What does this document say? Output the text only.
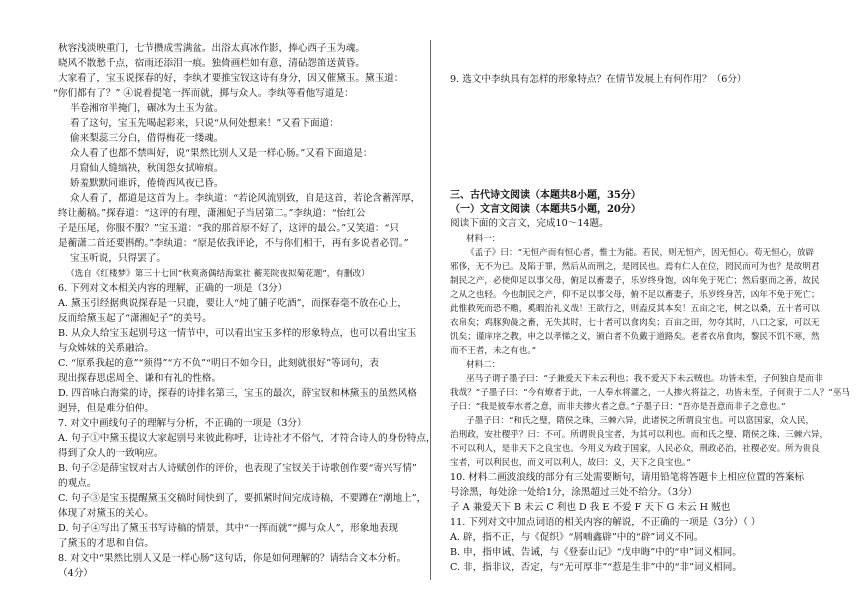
秋容浅淡映重门，七节攒成雪满盆。出浴太真冰作影，捧心西子玉为魂。
晓风不散愁千点，宿雨还添泪一痕。独倚画栏如有意，清砧怨笛送黄昏。
大家看了，宝玉说探春的好，李纨才要推宝钗这诗有身分，因又催黛玉。黛玉道：
“你们都有了？” ④说着提笔一挥而就，掷与众人。李纨等看他写道是：
半卷湘帘半掩门，碾冰为土玉为盆。
看了这句，宝玉先喝起彩来，只说“从何处想来！”又看下面道：
偷来梨蕊三分白，借得梅花一缕魂。
众人看了也都不禁叫好，说“果然比别人又是一样心肠。”又看下面道是：
月窟仙人缝缟袂，秋闺怨女拭啼痕。
娇羞默默同谁诉，倦倚西风夜已昏。
众人看了，都道是这首为上。李纨道：“若论风流别致，自是这首，若论含蓄浑厚，
终让蘅稿。”探春道：“这评的有理，潇湘妃子当居第二。”李纨道：“怡红公
子是压尾，你服不服？”宝玉道：“我的那首原不好了，这评的最公。”又笑道：“只
是蘅潇二首还要斟酌。”李纨道：“原是依我评论，不与你们相干，再有多说者必罚。”
宝玉听说，只得罢了。
（选自《红楼梦》第三十七回“秋爽斋偶结海棠社 蘅芜院夜拟菊花题”，有删改）
6. 下列对文本相关内容的理解，正确的一项是（3分）
A. 黛玉引经据典说探春是一只鹿，要让人“炖了脯子吃酒”，而探春毫不放在心上，
反而给黛玉起了“潇湘妃子”的美号。
B. 从众人给宝玉起别号这一情节中，可以看出宝玉多样的形象特点，也可以看出宝玉
与众姊妹的关系融洽。
C. “原系我起的意”“须得”“方不负”“明日不如今日，此刻就很好”等词句，表
现出探春思虑周全、谦和有礼的性格。
D. 四首咏白海棠的诗，探春的诗排名第三，宝玉的最次，薛宝钗和林黛玉的虽然风格
迥异，但是难分伯仲。
7. 对文中画线句子的理解与分析，不正确的一项是（3分）
A. 句子①中黛玉提议大家起别号来彼此称呼，让诗社才不俗气，才符合诗人的身份特点，
得到了众人的一致响应。
B. 句子②是薛宝钗对古人诗赋创作的评价，也表现了宝钗关于诗歌创作要“寄兴写情”
的观点。
C. 句子③是宝玉提醒黛玉交稿时间快到了，要抓紧时间完成诗稿，不要蹲在“潮地上”，
体现了对黛玉的关心。
D. 句子④写出了黛玉书写诗稿的情景，其中“一挥而就”“掷与众人”，形象地表现
了黛玉的才思和自信。
8. 对文中“果然比别人又是一样心肠”这句话，你是如何理解的？请结合文本分析。
（4分）
9. 选文中李纨具有怎样的形象特点？在情节发展上有何作用？（6分）
三、古代诗文阅读（本题共8小题，35分）
（一）文言文阅读（本题共5小题，20分）
阅读下面的文言文，完成10～14题。
材料一：
《孟子》曰：“无恒产而有恒心者，惟士为能。若民，则无恒产，因无恒心。苟无恒心，放辟
邪侈，无不为已。及陷于罪，然后从而刑之，是罔民也。焉有仁人在位，罔民而可为也？是故明君
制民之产，必使仰足以事父母，俯足以畜妻子，乐岁终身饱，凶年免于死亡；然后驱而之善，故民
之从之也轻。今也制民之产，仰不足以事父母，俯不足以畜妻子，乐岁终身苦，凶年不免于死亡；
此惟救死而恐不赡，奚暇治礼义哉！王欲行之，则盍反其本矣！五亩之宅，树之以桑，五十者可以
衣帛矣；鸡豚狗彘之畜，无失其时，七十者可以食肉矣；百亩之田，勿夺其时，八口之家，可以无
饥矣；谨庠序之教，申之以孝悌之义，颁白者不负戴于道路矣。老者衣帛食肉，黎民不饥不寒，然
而不王者，未之有也。”
材料二：
巫马子谓子墨子曰：“子兼爱天下未云利也；我不爱天下未云贼也。功皆未至，子何独自是而非
我哉？”子墨子曰：“今有燎者于此，一人奉水将灌之，一人掺火将益之，功皆未至，子何贵于二人？”巫马
子曰：“我是彼奉水者之意，而非夫掺火者之意。”子墨子曰：“吾亦是吾意而非子之意也。”
子墨子曰：“和氏之璧，隋侯之珠，三棘六异，此诸侯之所谓良宝也。可以富国家，众人民，
治刑政，安社稷乎？曰：不可。所谓贵良宝者，为其可以利也。而和氏之璧、隋侯之珠、三棘六异，
不可以利人，是非天下之良宝也。今用义为政于国家，人民必众，刑政必治，社稷必安。所为贵良
宝者，可以利民也，而义可以利人，故曰：义，天下之良宝也。”
10. 材料二画波浪线的部分有三处需要断句，请用铅笔将答题卡上相应位置的答案标
号涂黑，每处涂一处给1分，涂黑超过三处不给分。（3分）
子 A 兼爱天下 B 未云 C 利也 D 我 E 不爱 F 天下 G 未云 H 贼也
11. 下列对文中加点词语的相关内容的解说，不正确的一项是（3分）（ ）
A. 辟，指不正，与《促织》“屑喃鑫辟”中的“辟”词义不同。
B. 申，指申诫、告诫，与《登泰山记》“戊申晦”中的“申”词义相同。
C. 非，指非议，否定，与“无可厚非”“惹是生非”中的“非”词义相同。
